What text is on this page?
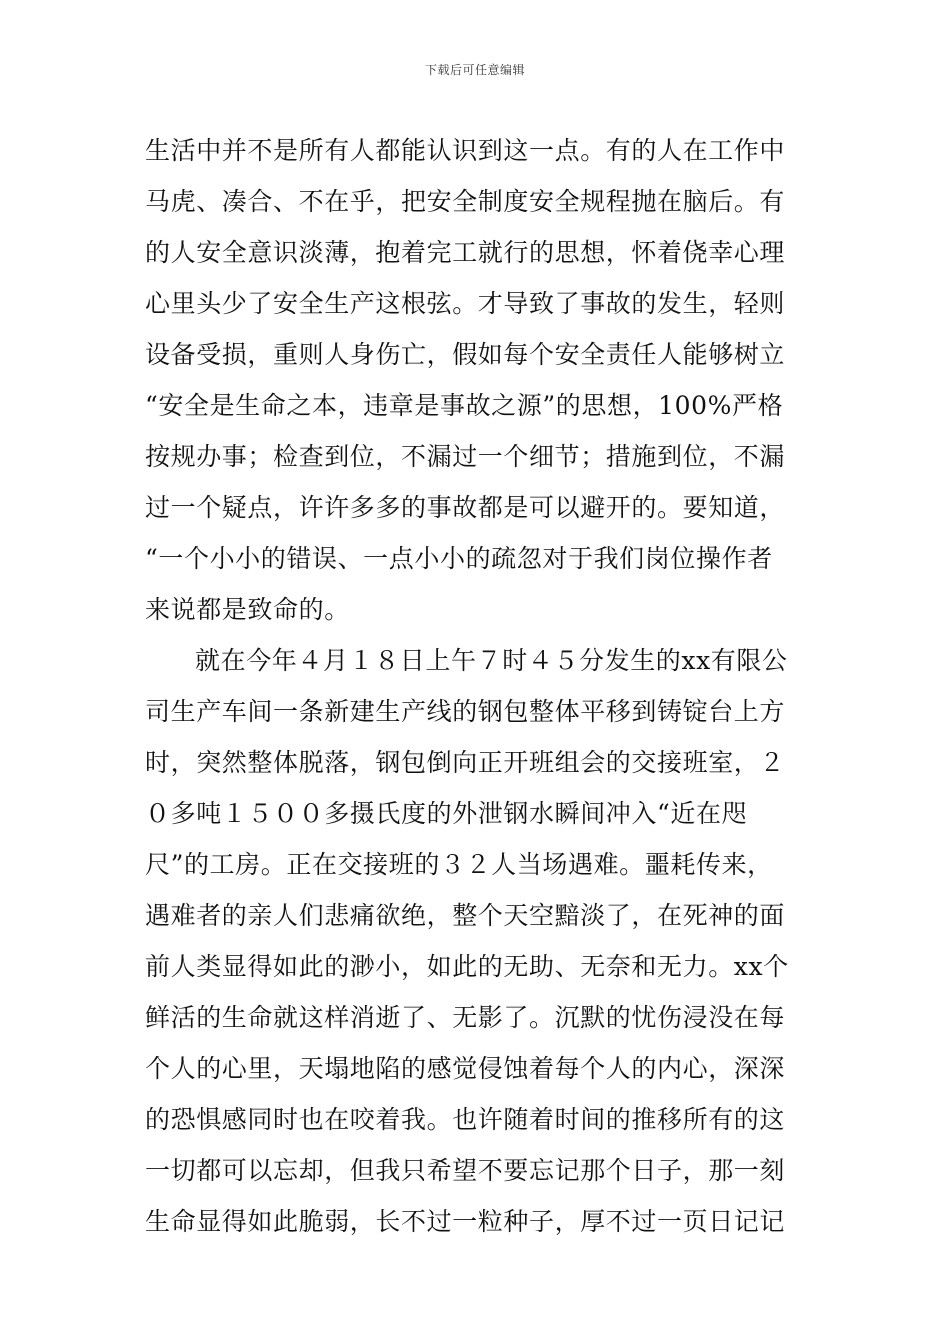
下载后可任意编辑
生活中并不是所有人都能认识到这一点。有的人在工作中
马虎、凑合、不在乎，把安全制度安全规程抛在脑后。有
的人安全意识淡薄，抱着完工就行的思想，怀着侥幸心理
心里头少了安全生产这根弦。才导致了事故的发生，轻则
设备受损，重则人身伤亡，假如每个安全责任人能够树立
“安全是生命之本，违章是事故之源”的思想，100%严格
按规办事；检查到位，不漏过一个细节；措施到位，不漏
过一个疑点，许许多多的事故都是可以避开的。要知道，
“一个小小的错误、一点小小的疏忽对于我们岗位操作者
来说都是致命的。
就在今年４月１８日上午７时４５分发生的xx有限公
司生产车间一条新建生产线的钢包整体平移到铸锭台上方
时，突然整体脱落，钢包倒向正开班组会的交接班室，２
０多吨１５００多摄氏度的外泄钢水瞬间冲入“近在咫
尺”的工房。正在交接班的３２人当场遇难。噩耗传来，
遇难者的亲人们悲痛欲绝，整个天空黯淡了，在死神的面
前人类显得如此的渺小，如此的无助、无奈和无力。xx个
鲜活的生命就这样消逝了、无影了。沉默的忧伤浸没在每
个人的心里，天塌地陷的感觉侵蚀着每个人的内心，深深
的恐惧感同时也在咬着我。也许随着时间的推移所有的这
一切都可以忘却，但我只希望不要忘记那个日子，那一刻
生命显得如此脆弱，长不过一粒种子，厚不过一页日记记
